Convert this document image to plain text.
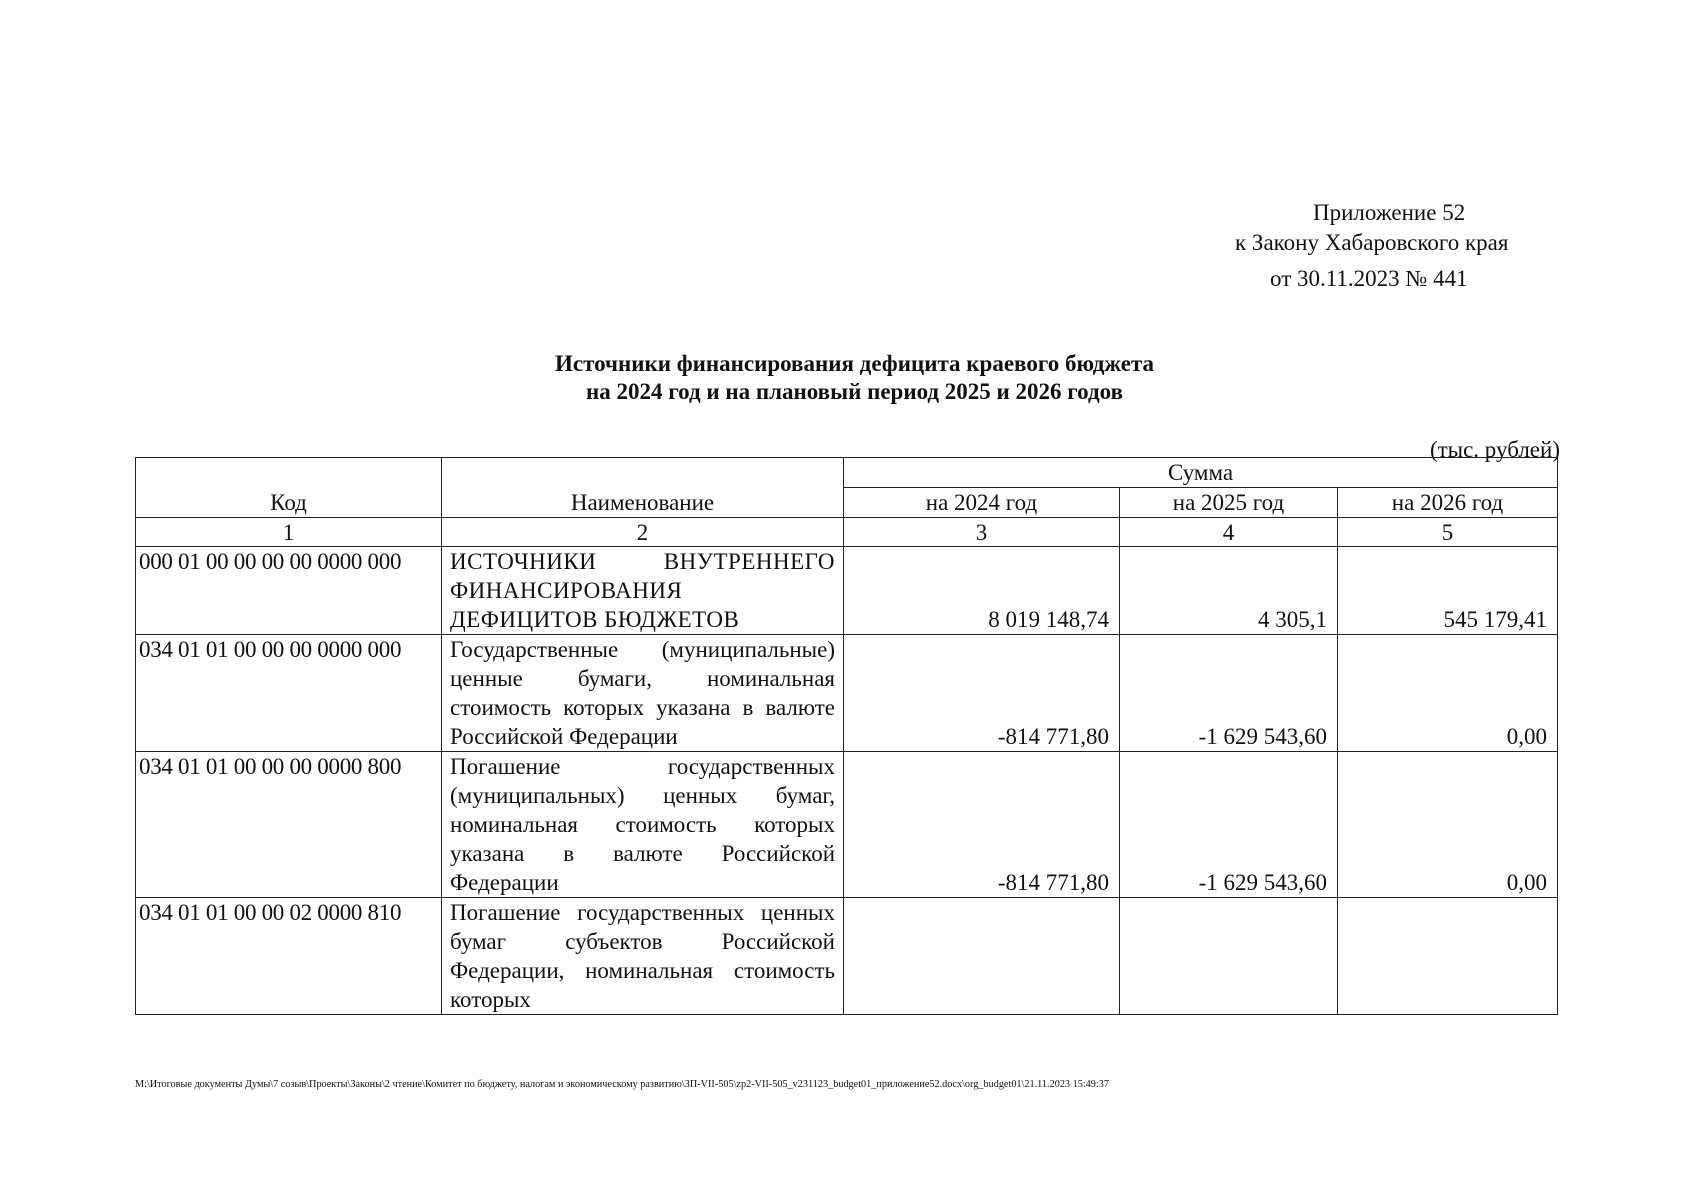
Приложение 52
к Закону Хабаровского края
от 30.11.2023 № 441
Источники финансирования дефицита краевого бюджета
на 2024 год и на плановый период 2025 и 2026 годов
(тыс. рублей)
Код	Наименование	Сумма		
		на 2024 год	на 2025 год	на 2026 год
1	2	3	4	5
000 01 00 00 00 00 0000 000	ИСТОЧНИКИ ВНУТРЕННЕГО ФИНАНСИРОВАНИЯ ДЕФИЦИТОВ БЮДЖЕТОВ	8 019 148,74	4 305,1	545 179,41
034 01 01 00 00 00 0000 000	Государственные (муниципальные) ценные бумаги, номинальная стоимость которых указана в валюте Российской Федерации	-814 771,80	-1 629 543,60	0,00
034 01 01 00 00 00 0000 800	Погашение государственных (муниципальных) ценных бумаг, номинальная стоимость которых указана в валюте Российской Федерации	-814 771,80	-1 629 543,60	0,00
034 01 01 00 00 02 0000 810	Погашение государственных ценных бумаг субъектов Российской Федерации, номинальная стоимость которых			
M:\Итоговые документы Думы\7 созыв\Проекты\Законы\2 чтение\Комитет по бюджету, налогам и экономическому развитию\ЗП-VII-505\zp2-VII-505_v231123_budget01_приложение52.docx\org_budget01\21.11.2023 15:49:37
